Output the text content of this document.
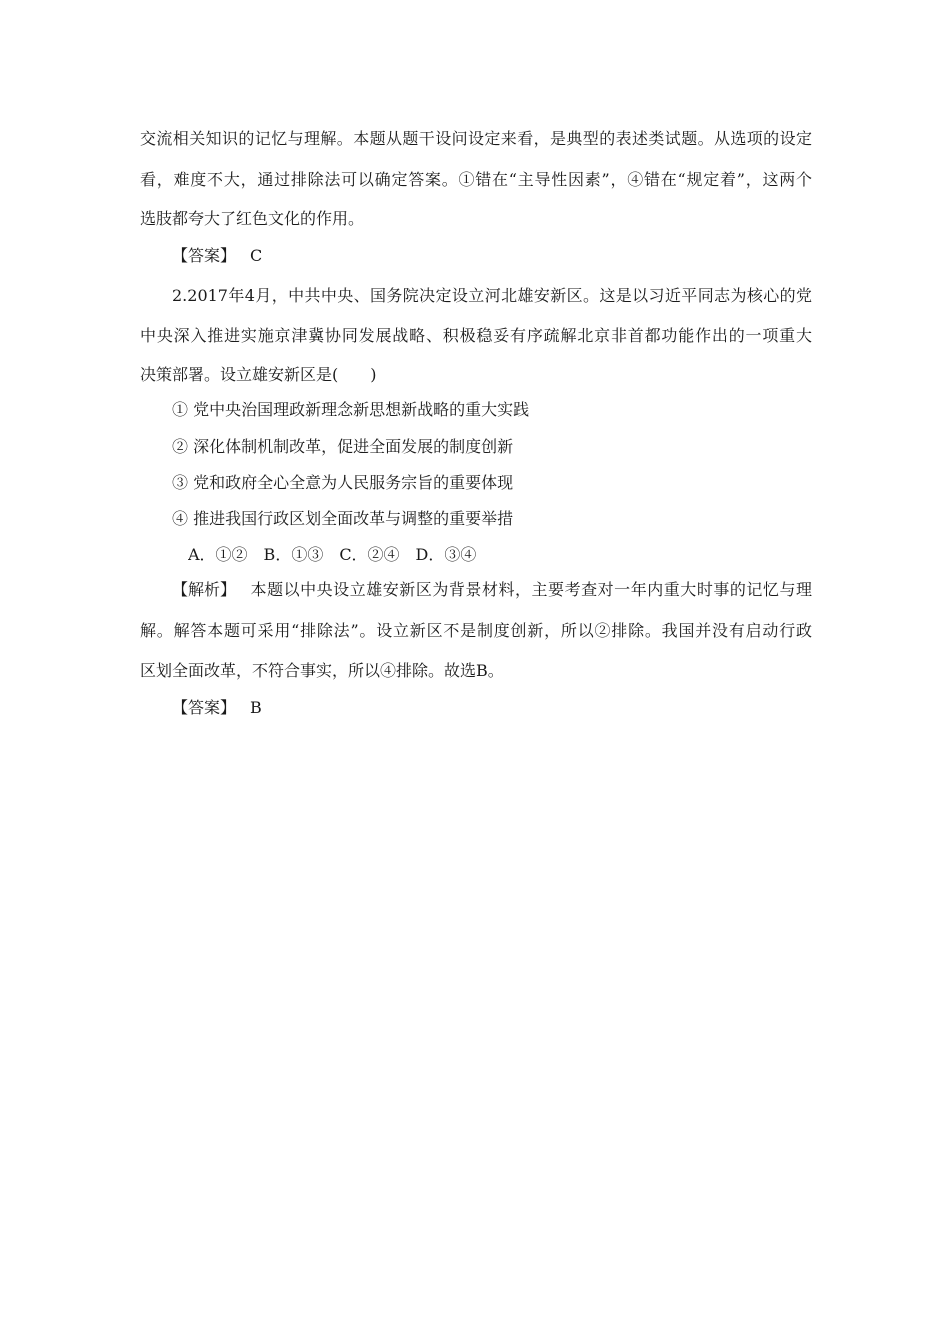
交流相关知识的记忆与理解。本题从题干设问设定来看，是典型的表述类试题。从选项的设定
看，难度不大，通过排除法可以确定答案。①错在“主导性因素”，④错在“规定着”，这两个
选肢都夸大了红色文化的作用。
【答案】 C
2.2017年4月，中共中央、国务院决定设立河北雄安新区。这是以习近平同志为核心的党
中央深入推进实施京津冀协同发展战略、积极稳妥有序疏解北京非首都功能作出的一项重大
决策部署。设立雄安新区是(　　)
① 党中央治国理政新理念新思想新战略的重大实践
② 深化体制机制改革，促进全面发展的制度创新
③ 党和政府全心全意为人民服务宗旨的重要体现
④ 推进我国行政区划全面改革与调整的重要举措
A．①②　B．①③　C．②④　D．③④
【解析】 本题以中央设立雄安新区为背景材料，主要考查对一年内重大时事的记忆与理
解。解答本题可采用“排除法”。设立新区不是制度创新，所以②排除。我国并没有启动行政
区划全面改革，不符合事实，所以④排除。故选B。
【答案】 B
